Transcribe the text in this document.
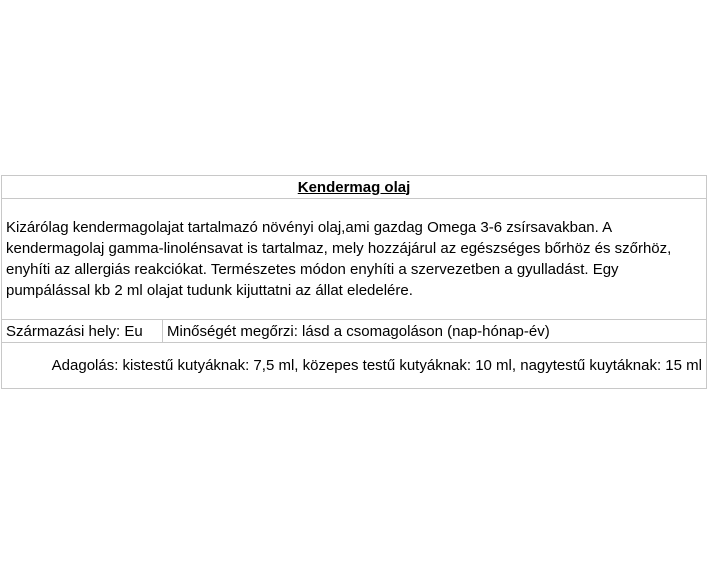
Kendermag olaj
Kizárólag kendermagolajat tartalmazó növényi olaj,ami gazdag Omega 3-6 zsírsavakban. A kendermagolaj gamma-linolénsavat is tartalmaz, mely hozzájárul az egészséges bőrhöz és szőrhöz, enyhíti az allergiás reakciókat. Természetes módon enyhíti a szervezetben a gyulladást. Egy pumpálással kb 2 ml olajat tudunk kijuttatni az állat eledelére.
Származási hely: Eu	Minőségét megőrzi: lásd a csomagoláson (nap-hónap-év)
Adagolás: kistestű kutyáknak: 7,5 ml, közepes testű kutyáknak: 10 ml, nagytestű kuytáknak: 15 ml
